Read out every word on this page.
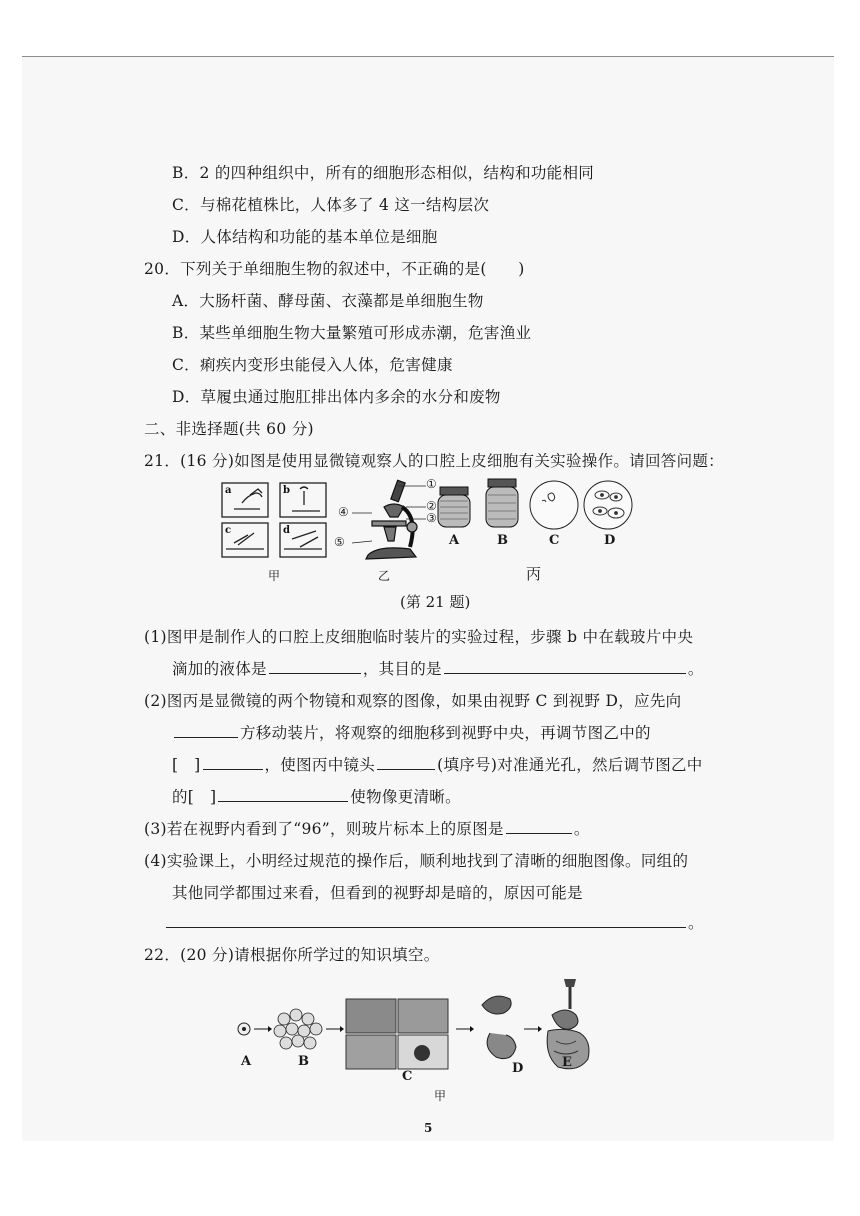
B．2 的四种组织中，所有的细胞形态相似，结构和功能相同
C．与棉花植株比，人体多了 4 这一结构层次
D．人体结构和功能的基本单位是细胞
20．下列关于单细胞生物的叙述中，不正确的是(　　)
A．大肠杆菌、酵母菌、衣藻都是单细胞生物
B．某些单细胞生物大量繁殖可形成赤潮，危害渔业
C．痢疾内变形虫能侵入人体，危害健康
D．草履虫通过胞肛排出体内多余的水分和废物
二、非选择题(共 60 分)
21．(16 分)如图是使用显微镜观察人的口腔上皮细胞有关实验操作。请回答问题：
a	b
c	d
甲
①
②
③
④
⑤
乙
A	B	C	D
丙
(第 21 题)
(1)图甲是制作人的口腔上皮细胞临时装片的实验过程，步骤 b 中在载玻片中央
滴加的液体是	，其目的是	。
(2)图丙是显微镜的两个物镜和观察的图像，如果由视野 C 到视野 D，应先向
方移动装片，将观察的细胞移到视野中央，再调节图乙中的
[　]	，使图丙中镜头	(填序号)对准通光孔，然后调节图乙中
的[　]	使物像更清晰。
(3)若在视野内看到了“96”，则玻片标本上的原图是	。
(4)实验课上，小明经过规范的操作后，顺利地找到了清晰的细胞图像。同组的
其他同学都围过来看，但看到的视野却是暗的，原因可能是
。
22．(20 分)请根据你所学过的知识填空。
A	B
C
D	E
甲
5
